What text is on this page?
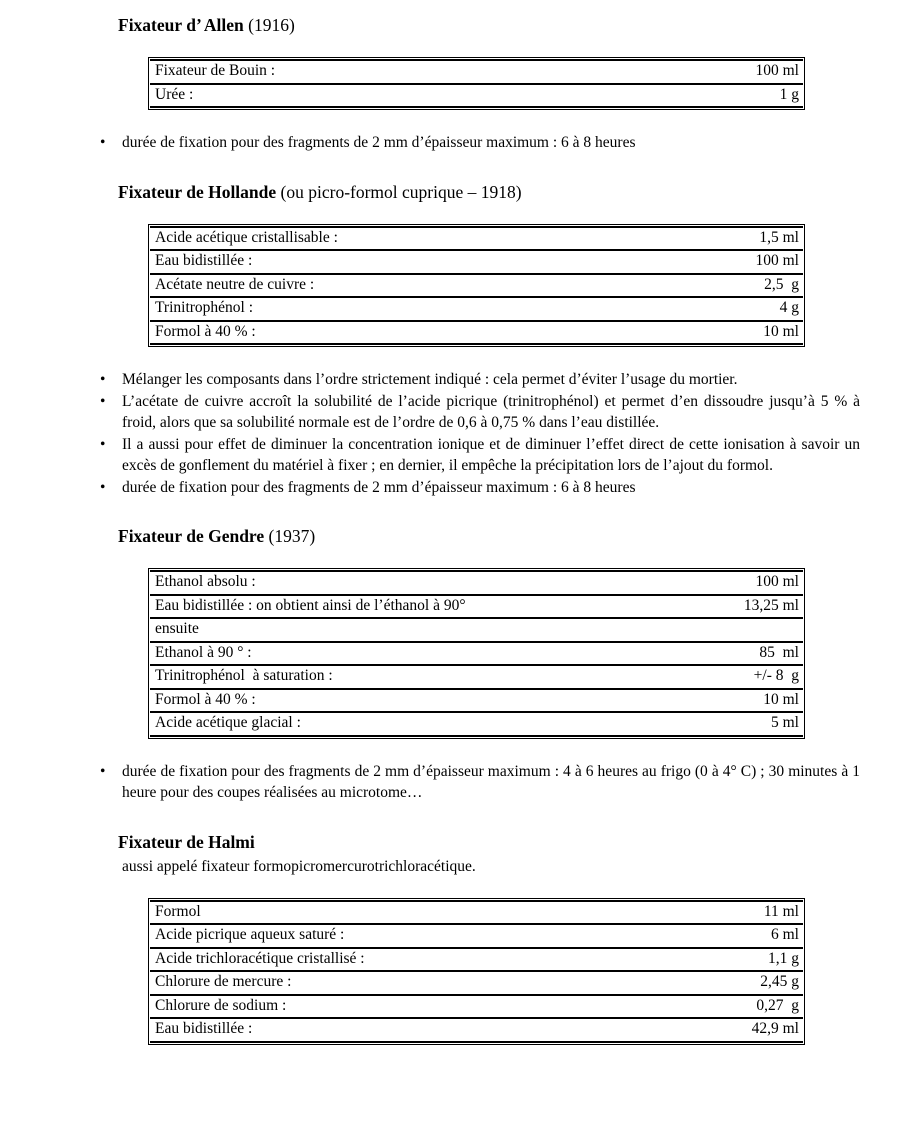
Fixateur d’ Allen (1916)
Fixateur de Bouin :	100 ml
Urée :	1 g
• durée de fixation pour des fragments de 2 mm d’épaisseur maximum : 6 à 8 heures
Fixateur de Hollande (ou picro-formol cuprique – 1918)
Acide acétique cristallisable :	1,5 ml
Eau bidistillée :	100 ml
Acétate neutre de cuivre :	2,5  g
Trinitrophénol :	4 g
Formol à 40 % :	10 ml
• Mélanger les composants dans l’ordre strictement indiqué : cela permet d’éviter l’usage du mortier.
• L’acétate de cuivre accroît la solubilité de l’acide picrique (trinitrophénol) et permet d’en dissoudre jusqu’à 5 % à froid, alors que sa solubilité normale est de l’ordre de 0,6 à 0,75 % dans l’eau distillée.
• Il a aussi pour effet de diminuer la concentration ionique et de diminuer l’effet direct de cette ionisation à savoir un excès de gonflement du matériel à fixer ; en dernier, il empêche la précipitation lors de l’ajout du formol.
• durée de fixation pour des fragments de 2 mm d’épaisseur maximum : 6 à 8 heures
Fixateur de Gendre (1937)
Ethanol absolu :	100 ml
Eau bidistillée : on obtient ainsi de l’éthanol à 90°	13,25 ml
ensuite	
Ethanol à 90 ° :	85  ml
Trinitrophénol  à saturation :	+/- 8  g
Formol à 40 % :	10 ml
Acide acétique glacial :	5 ml
• durée de fixation pour des fragments de 2 mm d’épaisseur maximum : 4 à 6 heures au frigo (0 à 4° C) ; 30 minutes à 1 heure pour des coupes réalisées au microtome…
Fixateur de Halmi

aussi appelé fixateur formopicromercurotrichloracétique.

Formol	11 ml
Acide picrique aqueux saturé :	6 ml
Acide trichloracétique cristallisé :	1,1 g
Chlorure de mercure :	2,45 g
Chlorure de sodium :	0,27  g
Eau bidistillée :	42,9 ml
